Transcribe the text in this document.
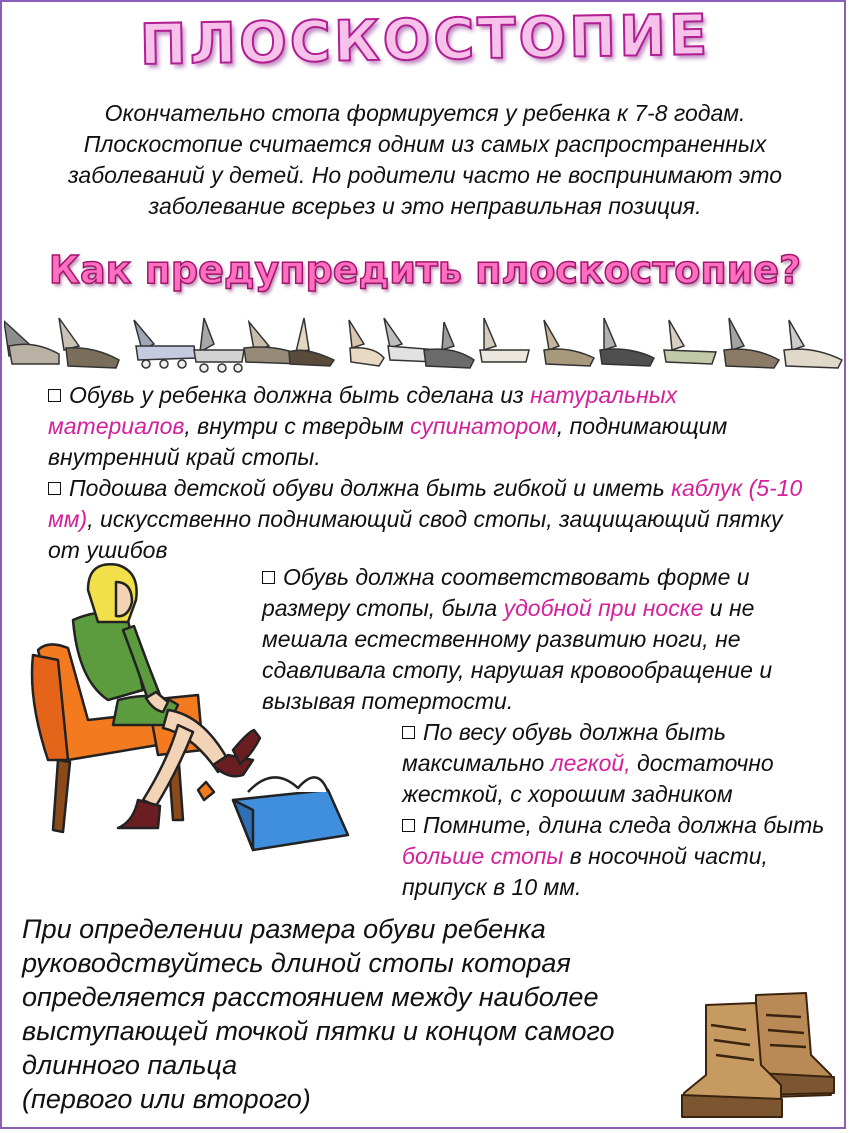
ПЛОСКОСТОПИЕ
Окончательно стопа формируется у ребенка к 7-8 годам. Плоскостопие считается одним из самых распространенных заболеваний у детей. Но родители часто не воспринимают это заболевание всерьез и это неправильная позиция.
Как предупредить плоскостопие?
Обувь у ребенка должна быть сделана из натуральных материалов, внутри с твердым супинатором, поднимающим внутренний край стопы.
Подошва детской обуви должна быть гибкой и иметь каблук (5-10 мм), искусственно поднимающий свод стопы, защищающий пятку от ушибов
Обувь должна соответствовать форме и размеру стопы, была удобной при носке и не мешала естественному развитию ноги, не сдавливала стопу, нарушая кровообращение и вызывая потертости.
По весу обувь должна быть максимально легкой, достаточно жесткой, с хорошим задником
Помните, длина следа должна быть больше стопы в носочной части, припуск в 10 мм.
При определении размера обуви ребенка руководствуйтесь длиной стопы которая определяется расстоянием между наиболее выступающей точкой пятки и концом самого длинного пальца
(первого или второго)
